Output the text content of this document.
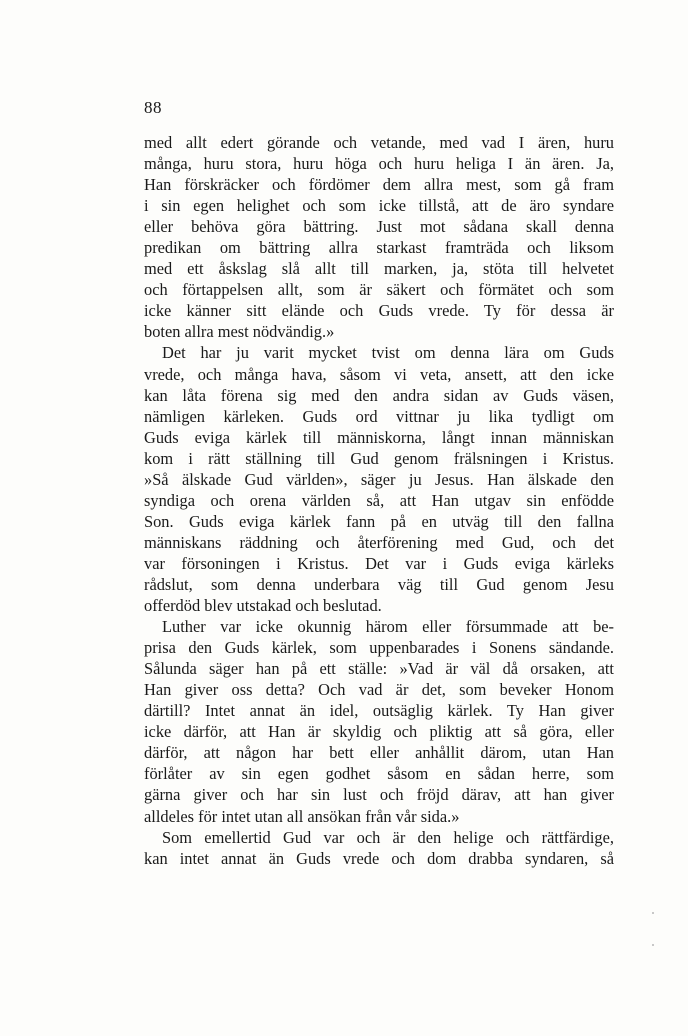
88
med allt edert görande och vetande, med vad I ären, huru
många, huru stora, huru höga och huru heliga I än ären. Ja,
Han förskräcker och fördömer dem allra mest, som gå fram
i sin egen helighet och som icke tillstå, att de äro syndare
eller behöva göra bättring. Just mot sådana skall denna
predikan om bättring allra starkast framträda och liksom
med ett åskslag slå allt till marken, ja, stöta till helvetet
och förtappelsen allt, som är säkert och förmätet och som
icke känner sitt elände och Guds vrede. Ty för dessa är
boten allra mest nödvändig.»
Det har ju varit mycket tvist om denna lära om Guds
vrede, och många hava, såsom vi veta, ansett, att den icke
kan låta förena sig med den andra sidan av Guds väsen,
nämligen kärleken. Guds ord vittnar ju lika tydligt om
Guds eviga kärlek till människorna, långt innan människan
kom i rätt ställning till Gud genom frälsningen i Kristus.
»Så älskade Gud världen», säger ju Jesus. Han älskade den
syndiga och orena världen så, att Han utgav sin enfödde
Son. Guds eviga kärlek fann på en utväg till den fallna
människans räddning och återförening med Gud, och det
var försoningen i Kristus. Det var i Guds eviga kärleks
rådslut, som denna underbara väg till Gud genom Jesu
offerdöd blev utstakad och beslutad.
Luther var icke okunnig härom eller försummade att be-
prisa den Guds kärlek, som uppenbarades i Sonens sändande.
Sålunda säger han på ett ställe: »Vad är väl då orsaken, att
Han giver oss detta? Och vad är det, som beveker Honom
därtill? Intet annat än idel, outsäglig kärlek. Ty Han giver
icke därför, att Han är skyldig och pliktig att så göra, eller
därför, att någon har bett eller anhållit därom, utan Han
förlåter av sin egen godhet såsom en sådan herre, som
gärna giver och har sin lust och fröjd därav, att han giver
alldeles för intet utan all ansökan från vår sida.»
Som emellertid Gud var och är den helige och rättfärdige,
kan intet annat än Guds vrede och dom drabba syndaren, så
